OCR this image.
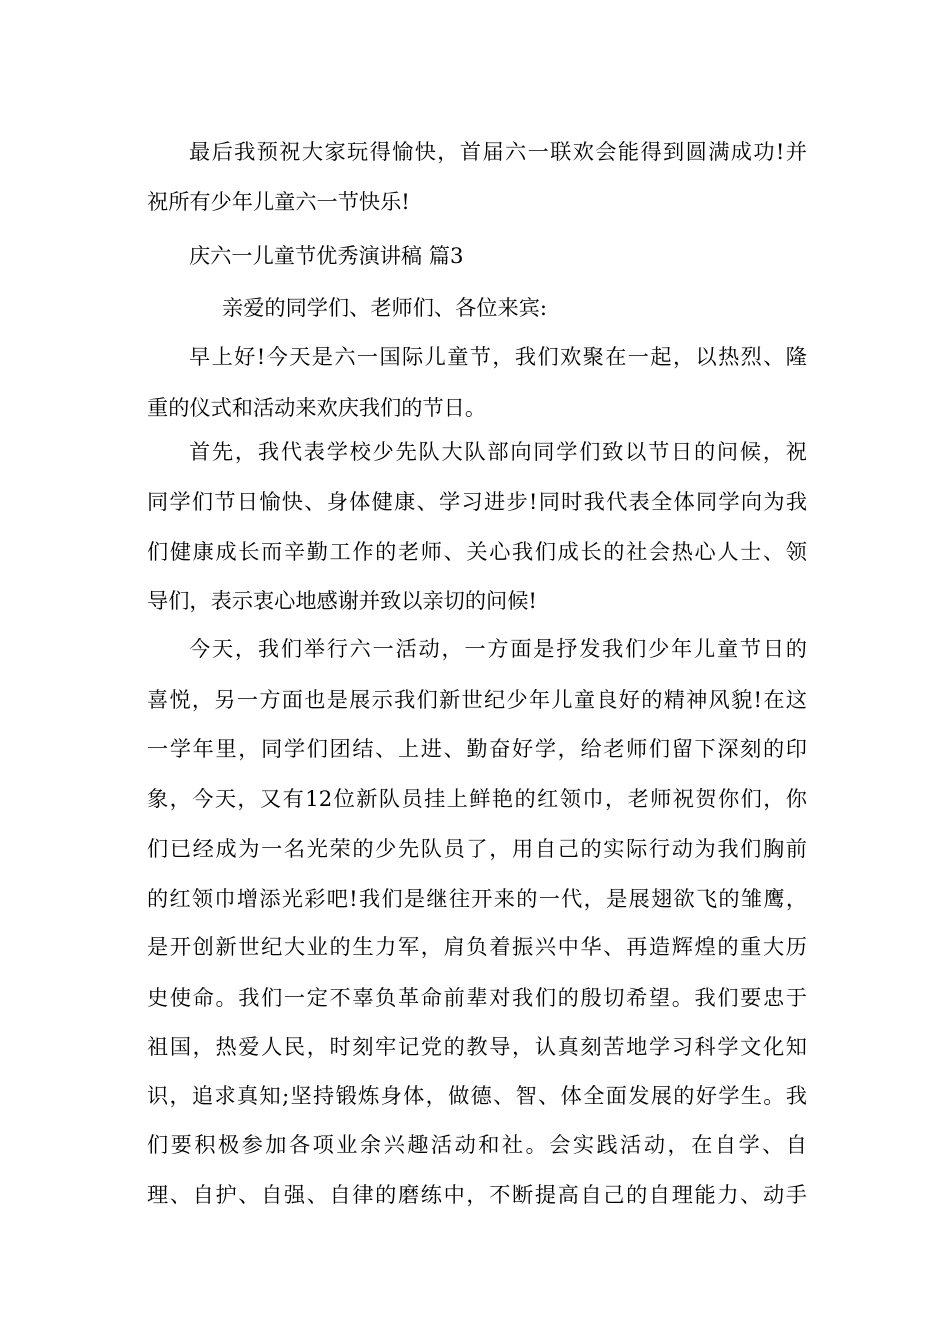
最后我预祝大家玩得愉快，首届六一联欢会能得到圆满成功!并
祝所有少年儿童六一节快乐!
庆六一儿童节优秀演讲稿 篇3
亲爱的同学们、老师们、各位来宾:
早上好!今天是六一国际儿童节，我们欢聚在一起，以热烈、隆
重的仪式和活动来欢庆我们的节日。
首先，我代表学校少先队大队部向同学们致以节日的问候，祝
同学们节日愉快、身体健康、学习进步!同时我代表全体同学向为我
们健康成长而辛勤工作的老师、关心我们成长的社会热心人士、领
导们，表示衷心地感谢并致以亲切的问候!
今天，我们举行六一活动，一方面是抒发我们少年儿童节日的
喜悦，另一方面也是展示我们新世纪少年儿童良好的精神风貌!在这
一学年里，同学们团结、上进、勤奋好学，给老师们留下深刻的印
象，今天，又有12位新队员挂上鲜艳的红领巾，老师祝贺你们，你
们已经成为一名光荣的少先队员了，用自己的实际行动为我们胸前
的红领巾增添光彩吧!我们是继往开来的一代，是展翅欲飞的雏鹰，
是开创新世纪大业的生力军，肩负着振兴中华、再造辉煌的重大历
史使命。我们一定不辜负革命前辈对我们的殷切希望。我们要忠于
祖国，热爱人民，时刻牢记党的教导，认真刻苦地学习科学文化知
识，追求真知;坚持锻炼身体，做德、智、体全面发展的好学生。我
们要积极参加各项业余兴趣活动和社。会实践活动，在自学、自
理、自护、自强、自律的磨练中，不断提高自己的自理能力、动手
